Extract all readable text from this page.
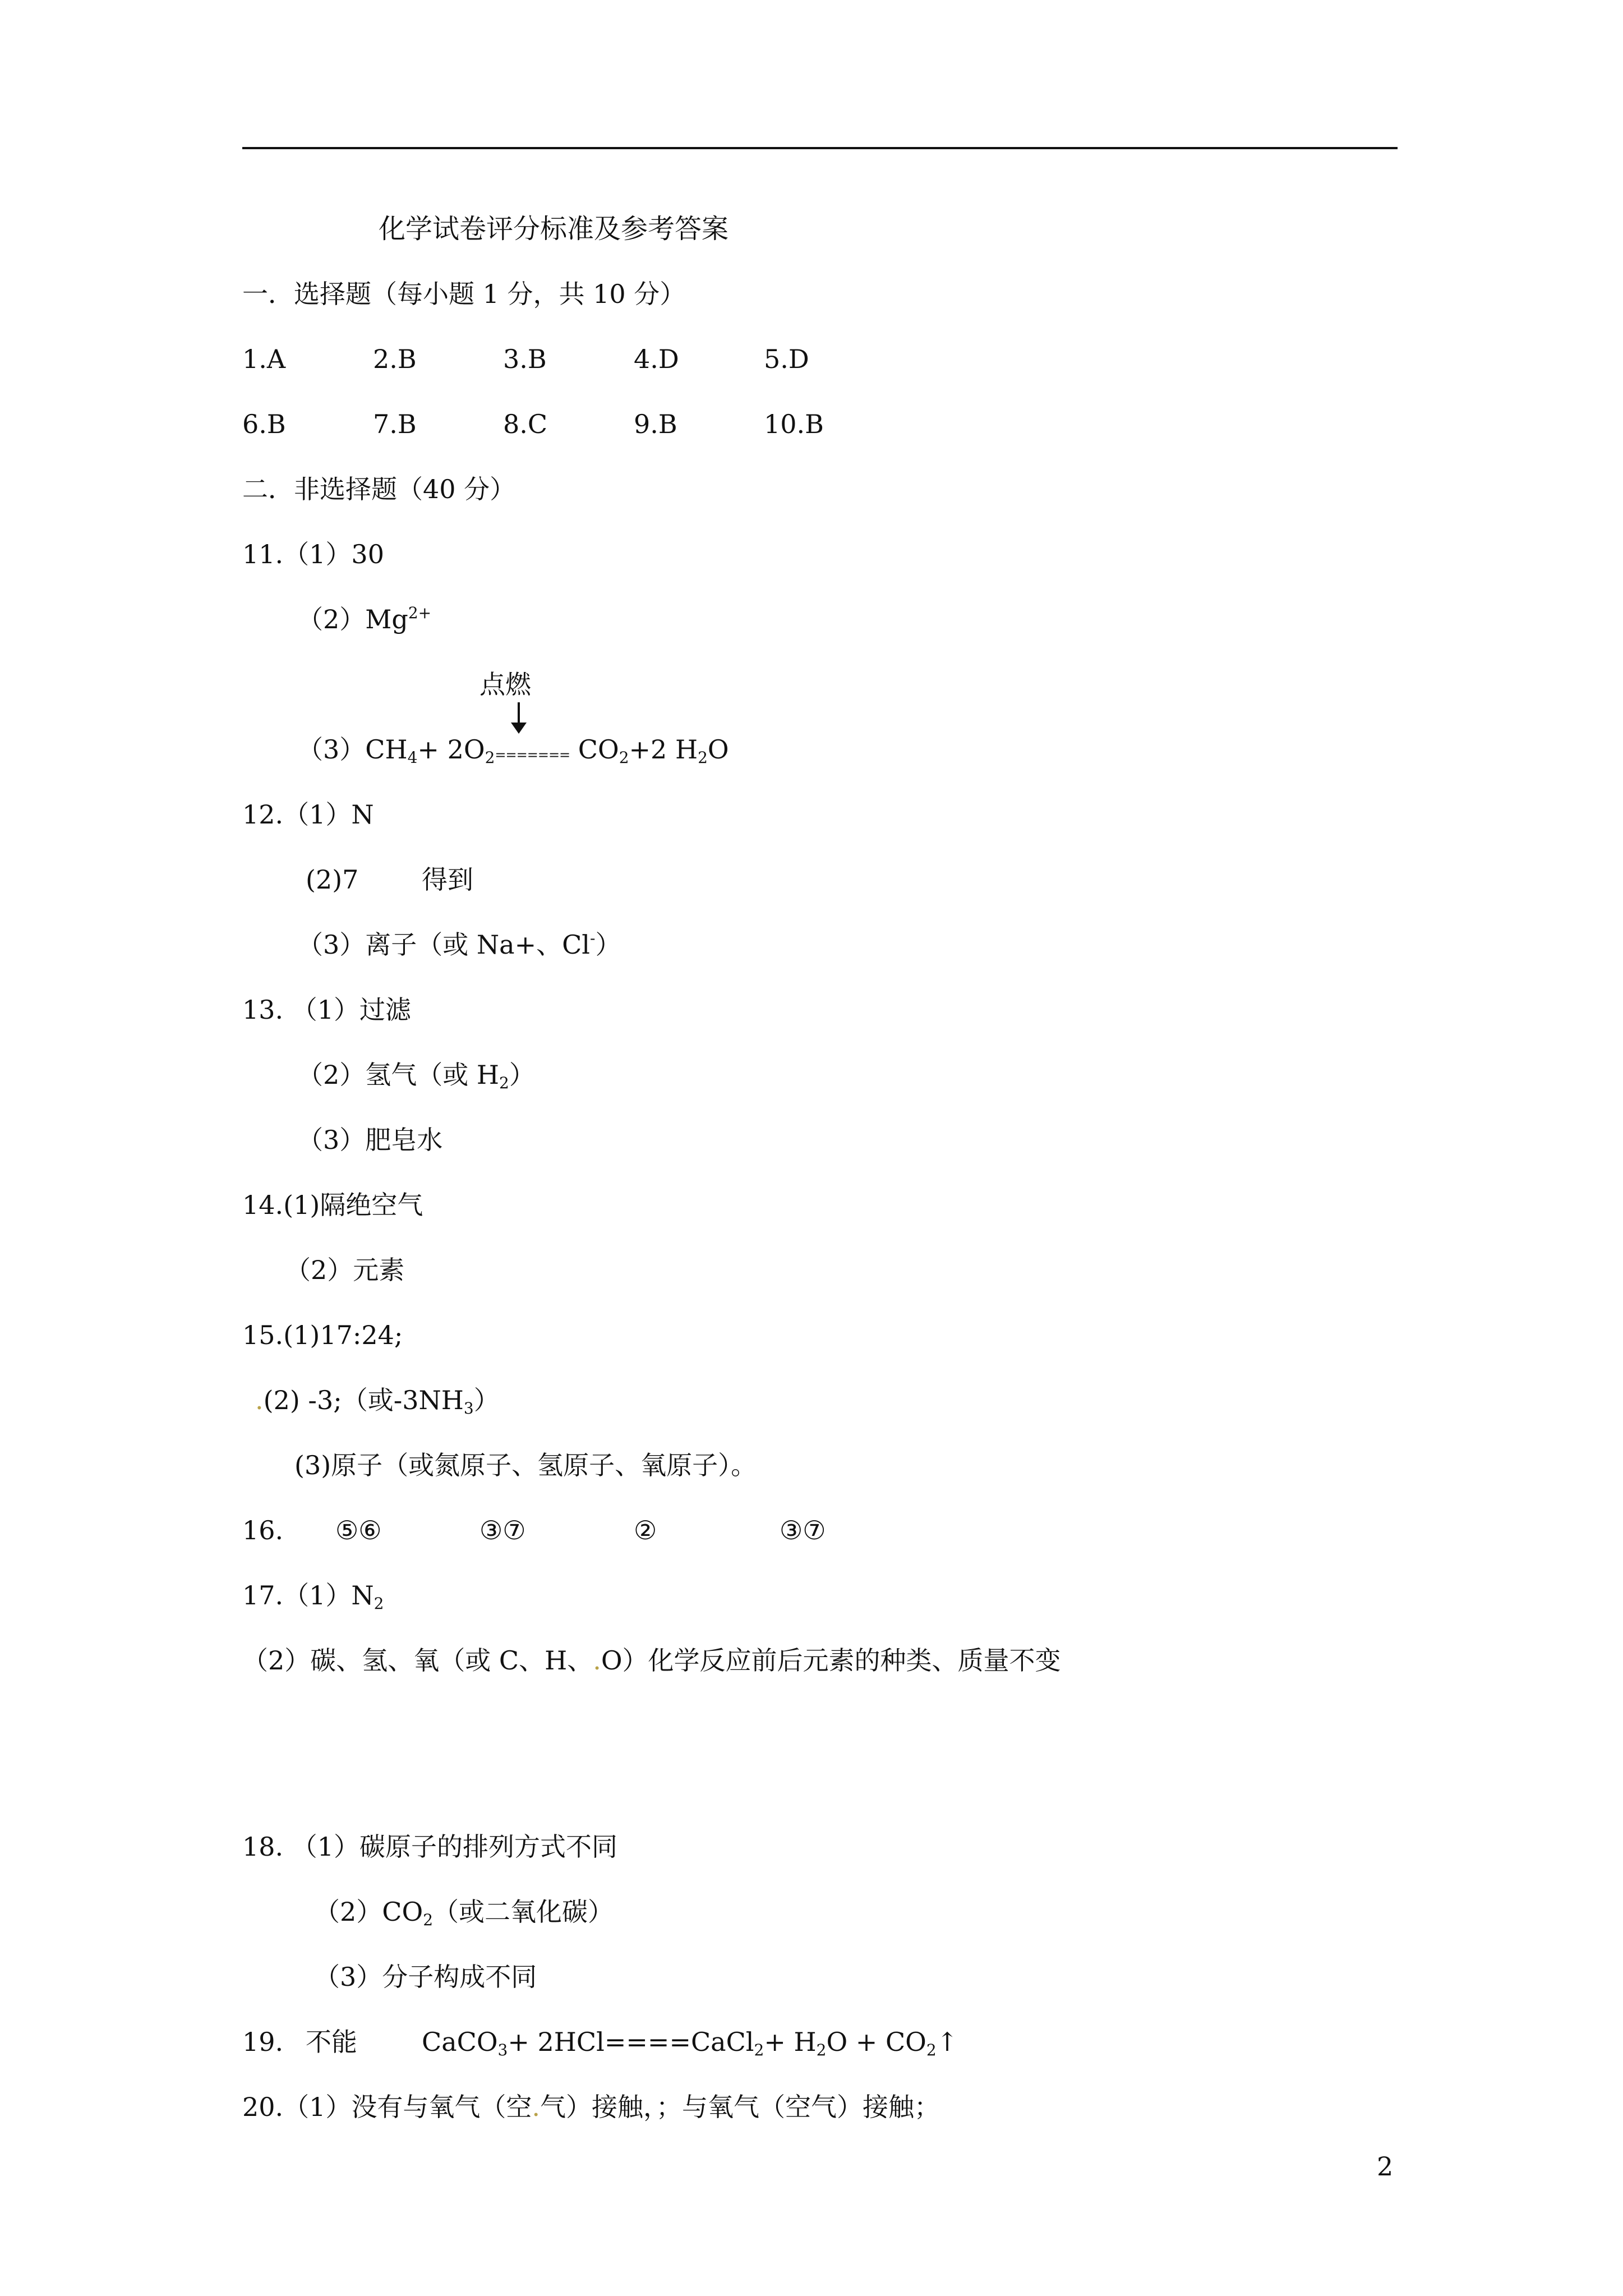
化学试卷评分标准及参考答案
一．选择题（每小题 1 分，共 10 分）
1.A	2.B	3.B	4.D	5.D
6.B	7.B	8.C	9.B	10.B
二．非选择题（40 分）
11.（1）30
$(2)Mg^{2+}$
点燃
$(3)CH_4+ 2O_2======= CO_2+2$ $H_2O$
12.（1）N
(2)7 得到
（3）离子（或 Na+、Cl-）
13. （1）过滤
（2）氢气（或 $H_2$）
（3）肥皂水
14.(1)隔绝空气
（2）元素
15.(1)17:24;
.(2) -3;（或$-3NH_3$）
(3)原子（或氮原子、氢原子、氧原子）。
16. ⑤⑥	③⑦	②	③⑦
$17.(1)N_2$
（2）碳、氢、氧（或 C、H、.O）化学反应前后元素的种类、质量不变
18. （1）碳原子的排列方式不同
$(2)CO_2$（或二氧化碳）
（3）分子构成不同
19. 不能	CaCO$_3$+ 2HCl====CaCl$_2$+ $H_2O$ + $CO_2↑$
20.（1）没有与氧气（空.气）接触，；与氧气（空气）接触；
2
